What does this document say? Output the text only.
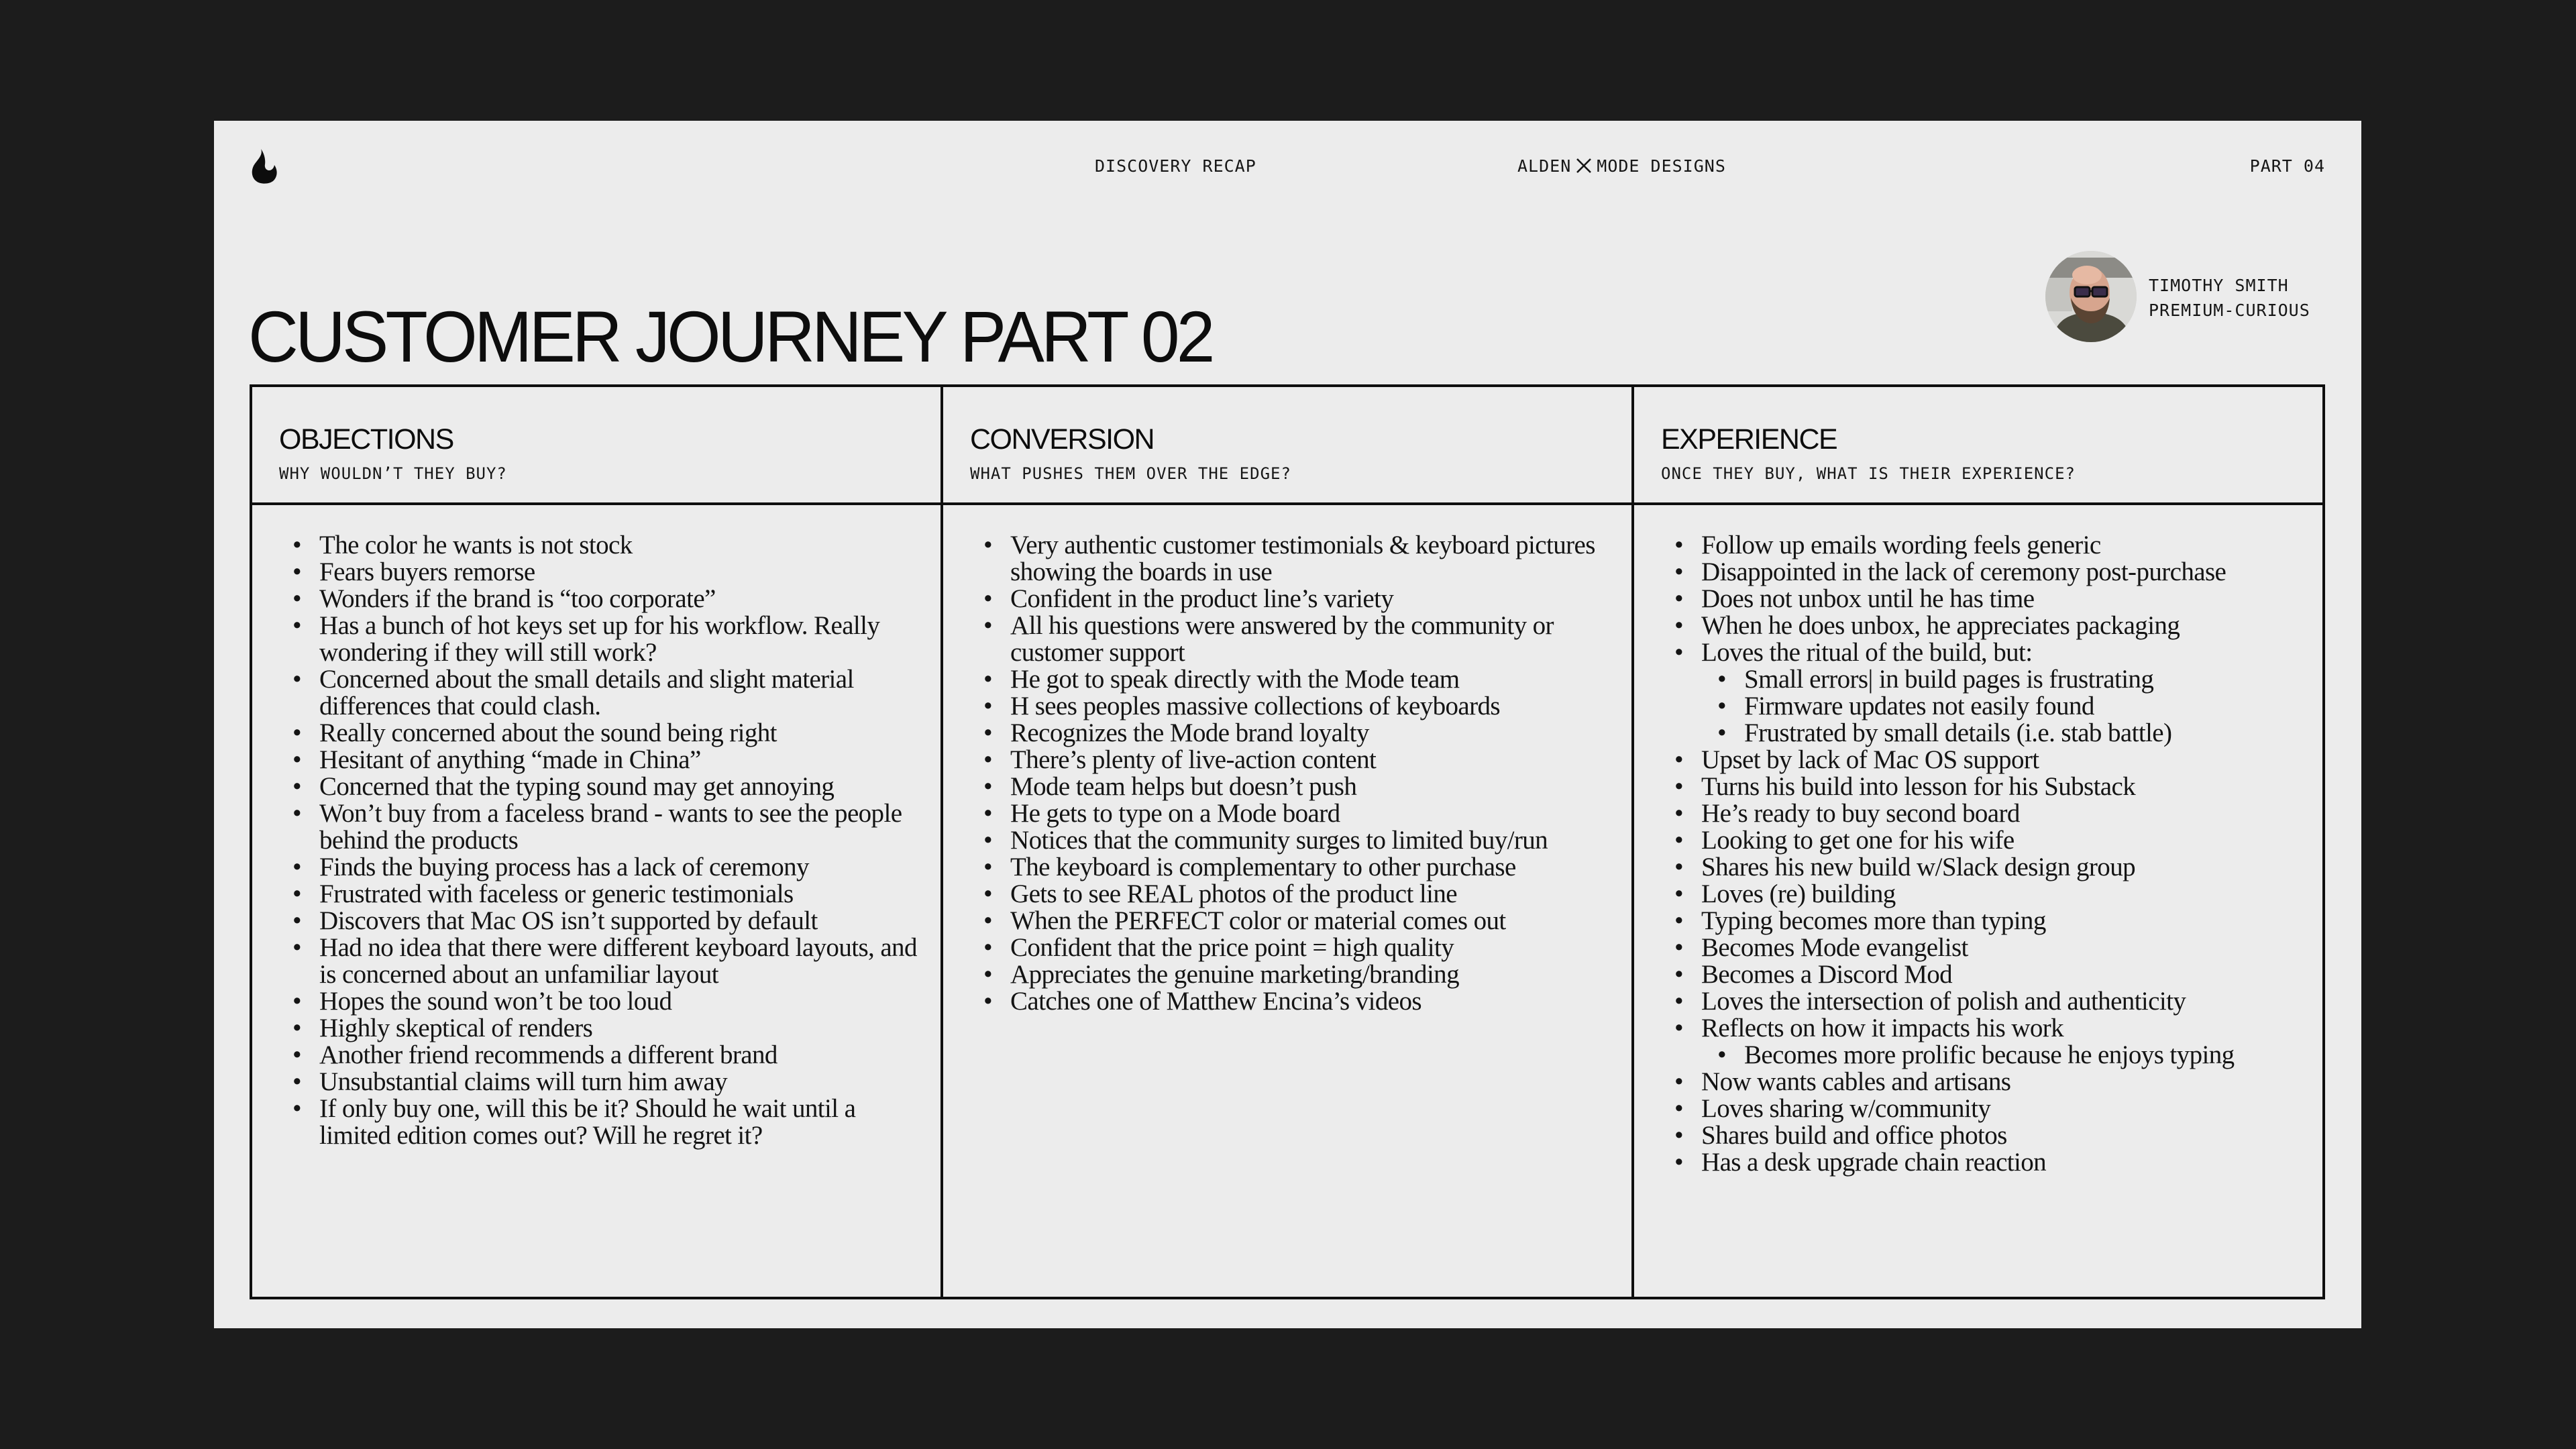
DISCOVERY RECAP	ALDEN MODE DESIGNS	PART 04
CUSTOMER JOURNEY PART 02
TIMOTHY SMITH
PREMIUM-CURIOUS
OBJECTIONS
WHY WOULDN’T THEY BUY?
CONVERSION
WHAT PUSHES THEM OVER THE EDGE?
EXPERIENCE
ONCE THEY BUY, WHAT IS THEIR EXPERIENCE?
• The color he wants is not stock
• Fears buyers remorse
• Wonders if the brand is “too corporate”
• Has a bunch of hot keys set up for his workflow. Really wondering if they will still work?
• Concerned about the small details and slight material differences that could clash.
• Really concerned about the sound being right
• Hesitant of anything “made in China”
• Concerned that the typing sound may get annoying
• Won’t buy from a faceless brand - wants to see the people behind the products
• Finds the buying process has a lack of ceremony
• Frustrated with faceless or generic testimonials
• Discovers that Mac OS isn’t supported by default
• Had no idea that there were different keyboard layouts, and is concerned about an unfamiliar layout
• Hopes the sound won’t be too loud
• Highly skeptical of renders
• Another friend recommends a different brand
• Unsubstantial claims will turn him away
• If only buy one, will this be it? Should he wait until a limited edition comes out? Will he regret it?
• Very authentic customer testimonials & keyboard pictures showing the boards in use
• Confident in the product line’s variety
• All his questions were answered by the community or customer support
• He got to speak directly with the Mode team
• H sees peoples massive collections of keyboards
• Recognizes the Mode brand loyalty
• There’s plenty of live-action content
• Mode team helps but doesn’t push
• He gets to type on a Mode board
• Notices that the community surges to limited buy/run
• The keyboard is complementary to other purchase
• Gets to see REAL photos of the product line
• When the PERFECT color or material comes out
• Confident that the price point = high quality
• Appreciates the genuine marketing/branding
• Catches one of Matthew Encina’s videos
• Follow up emails wording feels generic
• Disappointed in the lack of ceremony post-purchase
• Does not unbox until he has time
• When he does unbox, he appreciates packaging
• Loves the ritual of the build, but:
• Small errors| in build pages is frustrating
• Firmware updates not easily found
• Frustrated by small details (i.e. stab battle)
• Upset by lack of Mac OS support
• Turns his build into lesson for his Substack
• He’s ready to buy second board
• Looking to get one for his wife
• Shares his new build w/Slack design group
• Loves (re) building
• Typing becomes more than typing
• Becomes Mode evangelist
• Becomes a Discord Mod
• Loves the intersection of polish and authenticity
• Reflects on how it impacts his work
• Becomes more prolific because he enjoys typing
• Now wants cables and artisans
• Loves sharing w/community
• Shares build and office photos
• Has a desk upgrade chain reaction
